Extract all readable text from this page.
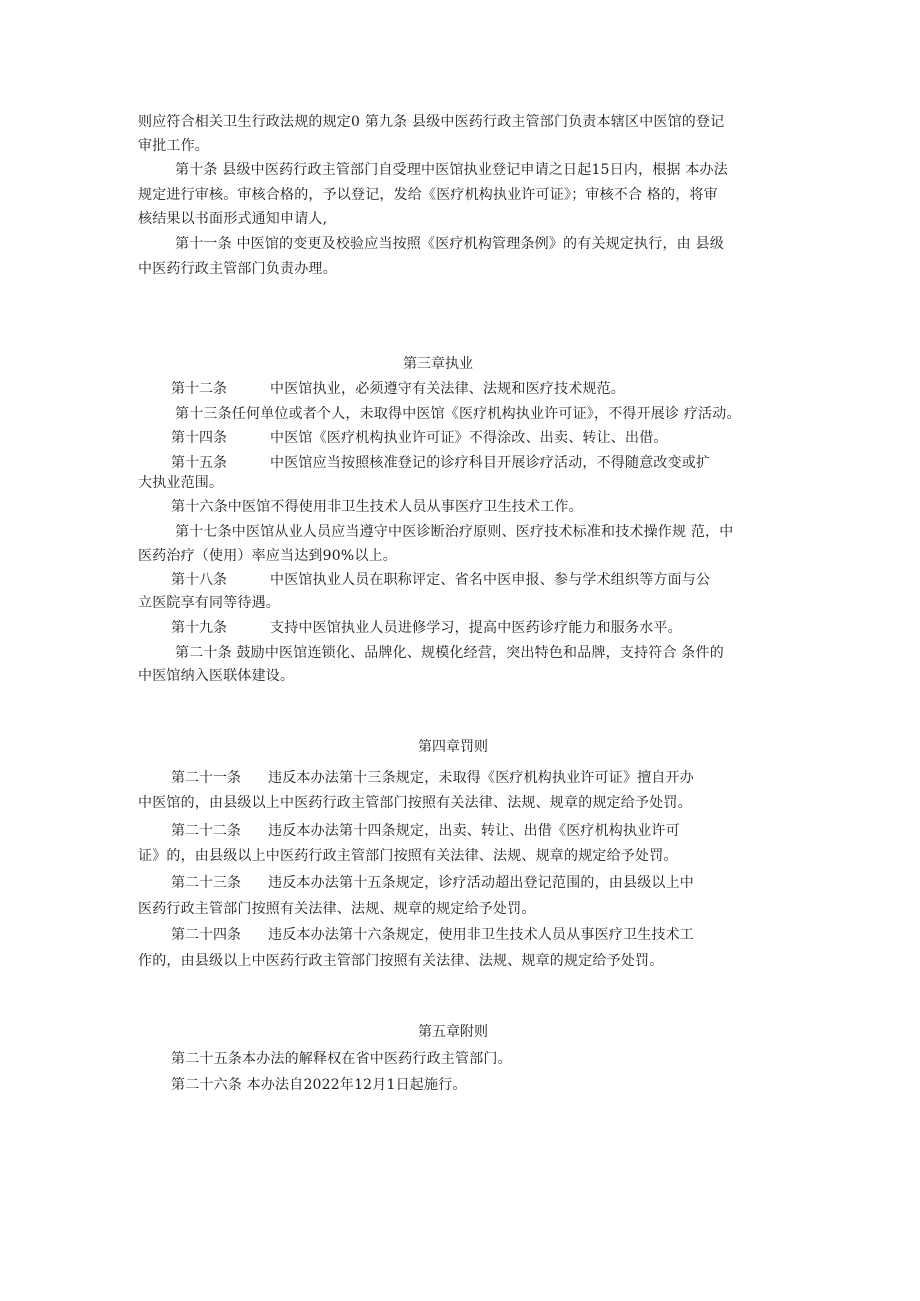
则应符合相关卫生行政法规的规定0 第九条 县级中医药行政主管部门负责本辖区中医馆的登记
审批工作。
第十条 县级中医药行政主管部门自受理中医馆执业登记申请之日起15日内，根据 本办法
规定进行审核。审核合格的，予以登记，发给《医疗机构执业许可证》；审核不合 格的，将审
核结果以书面形式通知申请人,
第十一条 中医馆的变更及校验应当按照《医疗机构管理条例》的有关规定执行，由 县级
中医药行政主管部门负责办理。
第三章执业
第十二条	中医馆执业，必须遵守有关法律、法规和医疗技术规范。
第十三条任何单位或者个人，未取得中医馆《医疗机构执业许可证》，不得开展诊 疗活动。
第十四条	中医馆《医疗机构执业许可证》不得涂改、出卖、转让、出借。
第十五条	中医馆应当按照核准登记的诊疗科目开展诊疗活动，不得随意改变或扩
大执业范围。
第十六条中医馆不得使用非卫生技术人员从事医疗卫生技术工作。
第十七条中医馆从业人员应当遵守中医诊断治疗原则、医疗技术标准和技术操作规 范，中
医药治疗（使用）率应当达到90%以上。
第十八条	中医馆执业人员在职称评定、省名中医申报、参与学术组织等方面与公
立医院享有同等待遇。
第十九条	支持中医馆执业人员进修学习，提高中医药诊疗能力和服务水平。
第二十条 鼓励中医馆连锁化、品牌化、规模化经营，突出特色和品牌，支持符合 条件的
中医馆纳入医联体建设。
第四章罚则
第二十一条 违反本办法第十三条规定，未取得《医疗机构执业许可证》擅自开办
中医馆的，由县级以上中医药行政主管部门按照有关法律、法规、规章的规定给予处罚。
第二十二条 违反本办法第十四条规定，出卖、转让、出借《医疗机构执业许可
证》的，由县级以上中医药行政主管部门按照有关法律、法规、规章的规定给予处罚。
第二十三条 违反本办法第十五条规定，诊疗活动超出登记范围的，由县级以上中
医药行政主管部门按照有关法律、法规、规章的规定给予处罚。
第二十四条 违反本办法第十六条规定，使用非卫生技术人员从事医疗卫生技术工
作的，由县级以上中医药行政主管部门按照有关法律、法规、规章的规定给予处罚。
第五章附则
第二十五条本办法的解释权在省中医药行政主管部门。
第二十六条 本办法自2022年12月1日起施行。
